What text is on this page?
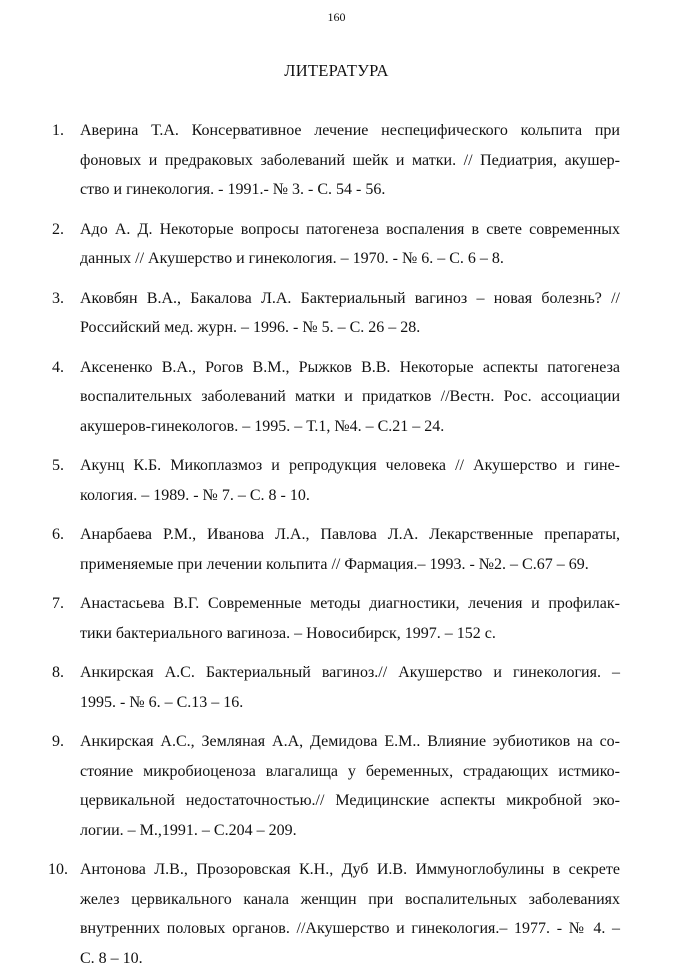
160
ЛИТЕРАТУРА
1. Аверина Т.А. Консервативное лечение неспецифического кольпита при
фоновых и предраковых заболеваний шейк и матки. // Педиатрия, акушер-
ство и гинекология. - 1991.- № 3. - С. 54 - 56.
2. Адо А. Д. Некоторые вопросы патогенеза воспаления в свете современных
данных // Акушерство и гинекология. – 1970. - № 6. – С. 6 – 8.
3. Аковбян В.А., Бакалова Л.А. Бактериальный вагиноз – новая болезнь? //
Российский мед. журн. – 1996. - № 5. – С. 26 – 28.
4. Аксененко В.А., Рогов В.М., Рыжков В.В. Некоторые аспекты патогенеза
воспалительных заболеваний матки и придатков //Вестн. Рос. ассоциации
акушеров-гинекологов. – 1995. – Т.1, №4. – С.21 – 24.
5. Акунц К.Б. Микоплазмоз и репродукция человека // Акушерство и гине-
кология. – 1989. - № 7. – С. 8 - 10.
6. Анарбаева Р.М., Иванова Л.А., Павлова Л.А. Лекарственные препараты,
применяемые при лечении кольпита // Фармация.– 1993. - №2. – С.67 – 69.
7. Анастасьева В.Г. Современные методы диагностики, лечения и профилак-
тики бактериального вагиноза. – Новосибирск, 1997. – 152 с.
8. Анкирская А.С. Бактериальный вагиноз.// Акушерство и гинекология. –
1995. - № 6. – С.13 – 16.
9. Анкирская А.С., Земляная А.А, Демидова Е.М.. Влияние эубиотиков на со-
стояние микробиоценоза влагалища у беременных, страдающих истмико-
цервикальной недостаточностью.// Медицинские аспекты микробной эко-
логии. – М.,1991. – С.204 – 209.
10. Антонова Л.В., Прозоровская К.Н., Дуб И.В. Иммуноглобулины в секрете
желез цервикального канала женщин при воспалительных заболеваниях
внутренних половых органов. //Акушерство и гинекология.– 1977. - № 4. –
С. 8 – 10.
